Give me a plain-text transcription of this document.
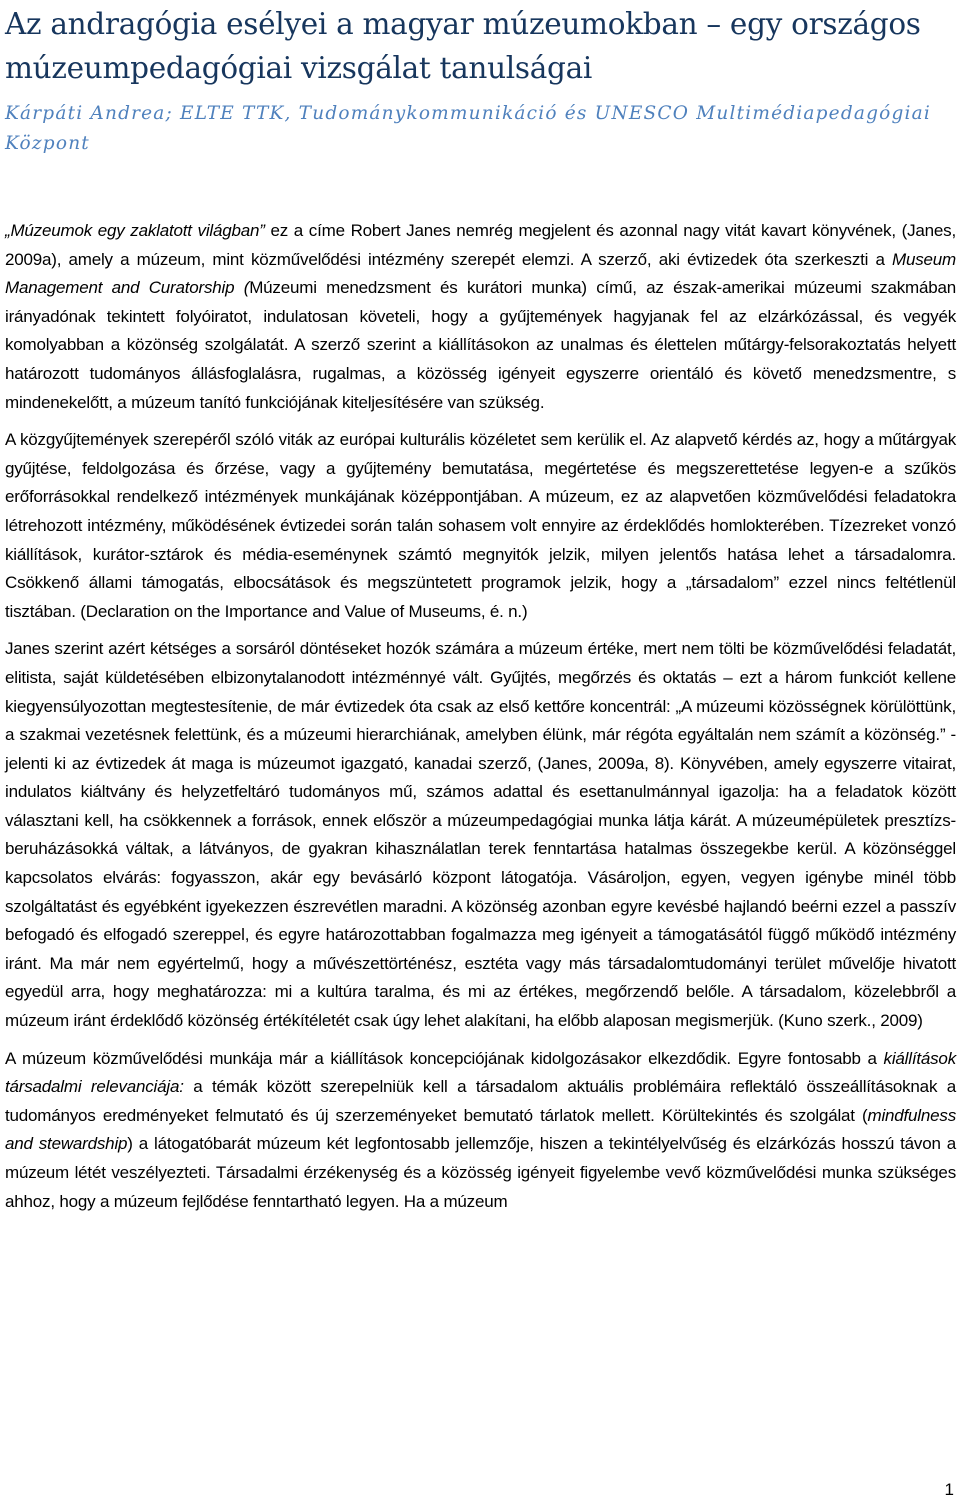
Az andragógia esélyei a magyar múzeumokban – egy országos múzeumpedagógiai vizsgálat tanulságai
Kárpáti Andrea; ELTE TTK, Tudománykommunikáció és UNESCO Multimédiapedagógiai Központ

„Múzeumok egy zaklatott világban” ez a címe Robert Janes nemrég megjelent és azonnal nagy vitát kavart könyvének, (Janes, 2009a), amely a múzeum, mint közművelődési intézmény szerepét elemzi. A szerző, aki évtizedek óta szerkeszti a Museum Management and Curatorship (Múzeumi menedzsment és kurátori munka) című, az észak-amerikai múzeumi szakmában irányadónak tekintett folyóiratot, indulatosan követeli, hogy a gyűjtemények hagyjanak fel az elzárkózással, és vegyék komolyabban a közönség szolgálatát. A szerző szerint a kiállításokon az unalmas és élettelen műtárgy-felsorakoztatás helyett határozott tudományos állásfoglalásra, rugalmas, a közösség igényeit egyszerre orientáló és követő menedzsmentre, s mindenekelőtt, a múzeum tanító funkciójának kiteljesítésére van szükség.

A közgyűjtemények szerepéről szóló viták az európai kulturális közéletet sem kerülik el. Az alapvető kérdés az, hogy a műtárgyak gyűjtése, feldolgozása és őrzése, vagy a gyűjtemény bemutatása, megértetése és megszerettetése legyen-e a szűkös erőforrásokkal rendelkező intézmények munkájának középpontjában. A múzeum, ez az alapvetően közművelődési feladatokra létrehozott intézmény, működésének évtizedei során talán sohasem volt ennyire az érdeklődés homlokterében. Tízezreket vonzó kiállítások, kurátor-sztárok és média-eseménynek számtó megnyitók jelzik, milyen jelentős hatása lehet a társadalomra. Csökkenő állami támogatás, elbocsátások és megszüntetett programok jelzik, hogy a „társadalom” ezzel nincs feltétlenül tisztában. (Declaration on the Importance and Value of Museums, é. n.)

Janes szerint azért kétséges a sorsáról döntéseket hozók számára a múzeum értéke, mert nem tölti be közművelődési feladatát, elitista, saját küldetésében elbizonytalanodott intézménnyé vált. Gyűjtés, megőrzés és oktatás – ezt a három funkciót kellene kiegyensúlyozottan megtestesítenie, de már évtizedek óta csak az első kettőre koncentrál: „A múzeumi közösségnek körülöttünk, a szakmai vezetésnek felettünk, és a múzeumi hierarchiának, amelyben élünk, már régóta egyáltalán nem számít a közönség.” - jelenti ki az évtizedek át maga is múzeumot igazgató, kanadai szerző, (Janes, 2009a, 8). Könyvében, amely egyszerre vitairat, indulatos kiáltvány és helyzetfeltáró tudományos mű, számos adattal és esettanulmánnyal igazolja: ha a feladatok között választani kell, ha csökkennek a források, ennek először a múzeumpedagógiai munka látja kárát. A múzeumépületek presztízs-beruházásokká váltak, a látványos, de gyakran kihasználatlan terek fenntartása hatalmas összegekbe kerül. A közönséggel kapcsolatos elvárás: fogyasszon, akár egy bevásárló központ látogatója. Vásároljon, egyen, vegyen igénybe minél több szolgáltatást és egyébként igyekezzen észrevétlen maradni. A közönség azonban egyre kevésbé hajlandó beérni ezzel a passzív befogadó és elfogadó szereppel, és egyre határozottabban fogalmazza meg igényeit a támogatásától függő működő intézmény iránt. Ma már nem egyértelmű, hogy a művészettörténész, esztéta vagy más társadalomtudományi terület művelője hivatott egyedül arra, hogy meghatározza: mi a kultúra taralma, és mi az értékes, megőrzendő belőle. A társadalom, közelebbről a múzeum iránt érdeklődő közönség értékítéletét csak úgy lehet alakítani, ha előbb alaposan megismerjük. (Kuno szerk., 2009)

A múzeum közművelődési munkája már a kiállítások koncepciójának kidolgozásakor elkezdődik. Egyre fontosabb a kiállítások társadalmi relevanciája: a témák között szerepelniük kell a társadalom aktuális problémáira reflektáló összeállításoknak a tudományos eredményeket felmutató és új szerzeményeket bemutató tárlatok mellett. Körültekintés és szolgálat (mindfulness and stewardship) a látogatóbarát múzeum két legfontosabb jellemzője, hiszen a tekintélyelvűség és elzárkózás hosszú távon a múzeum létét veszélyezteti. Társadalmi érzékenység és a közösség igényeit figyelembe vevő közművelődési munka szükséges ahhoz, hogy a múzeum fejlődése fenntartható legyen. Ha a múzeum

1
